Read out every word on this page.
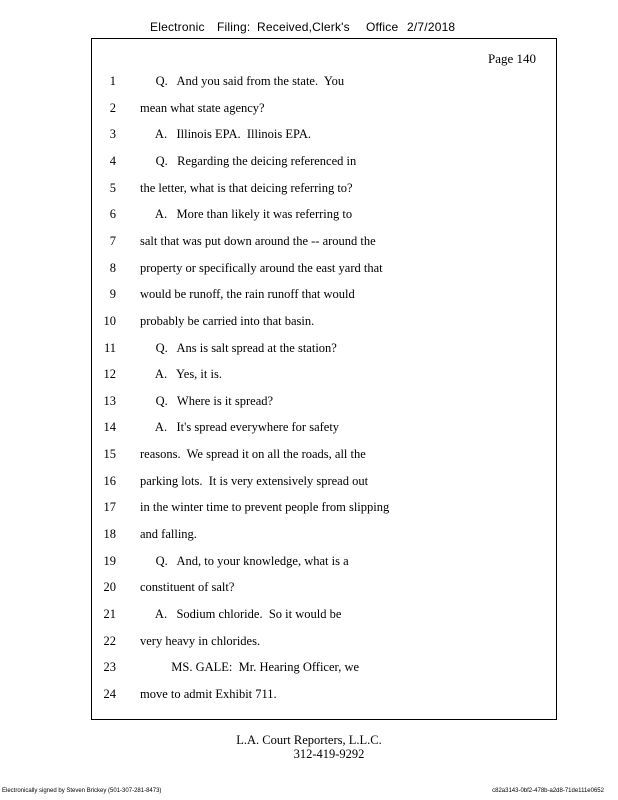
Electronic Filing: Received,Clerk's Office 2/7/2018
Page 140
1 Q.   And you said from the state.  You
2 mean what state agency?
3 A.   Illinois EPA.  Illinois EPA.
4 Q.   Regarding the deicing referenced in
5 the letter, what is that deicing referring to?
6 A.   More than likely it was referring to
7 salt that was put down around the -- around the
8 property or specifically around the east yard that
9 would be runoff, the rain runoff that would
10 probably be carried into that basin.
11 Q.   Ans is salt spread at the station?
12 A.   Yes, it is.
13 Q.   Where is it spread?
14 A.   It's spread everywhere for safety
15 reasons.  We spread it on all the roads, all the
16 parking lots.  It is very extensively spread out
17 in the winter time to prevent people from slipping
18 and falling.
19 Q.   And, to your knowledge, what is a
20 constituent of salt?
21 A.   Sodium chloride.  So it would be
22 very heavy in chlorides.
23 MS. GALE:  Mr. Hearing Officer, we
24 move to admit Exhibit 711.
L.A. Court Reporters, L.L.C.
312-419-9292
Electronically signed by Steven Brickey (501-307-281-8473)	c82a3143-0bf2-478b-a2d8-71de111e0652
